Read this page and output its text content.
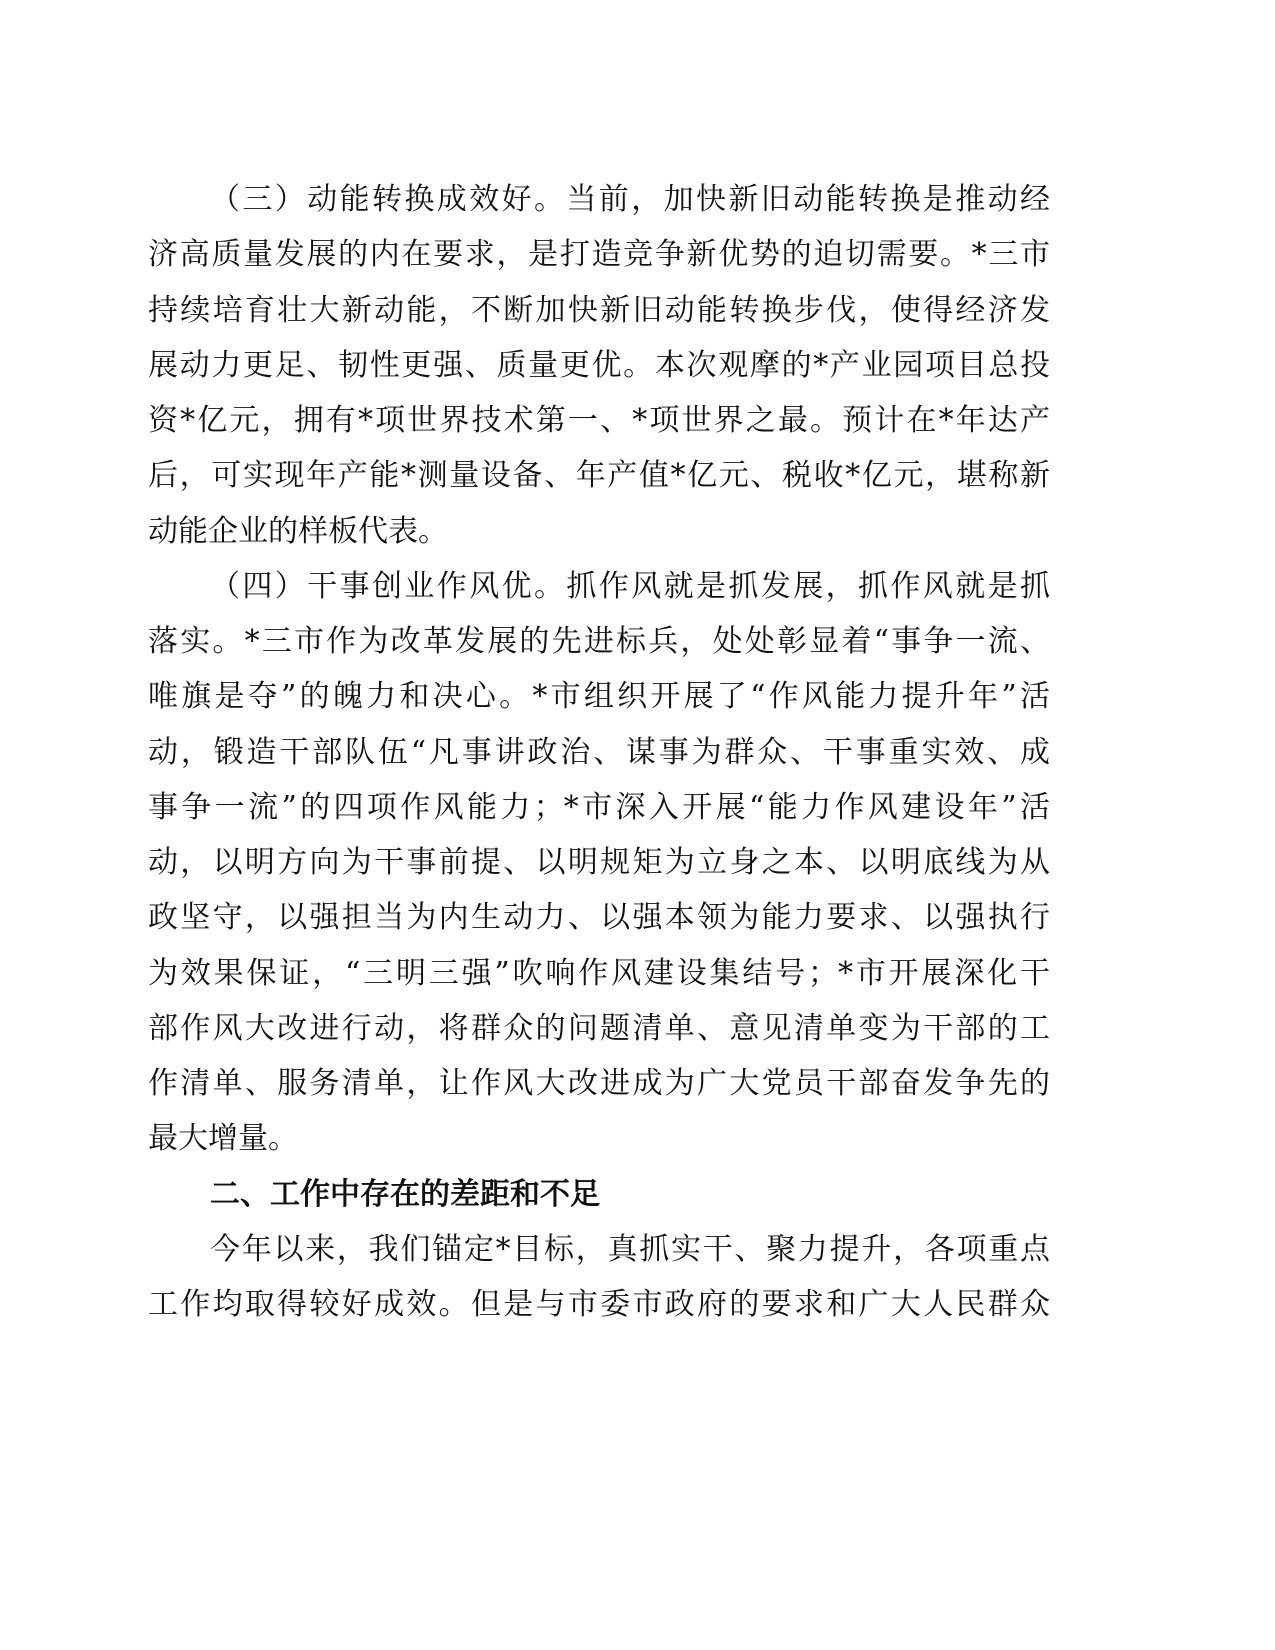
（三）动能转换成效好。当前，加快新旧动能转换是推动经
济高质量发展的内在要求，是打造竞争新优势的迫切需要。*三市
持续培育壮大新动能，不断加快新旧动能转换步伐，使得经济发
展动力更足、韧性更强、质量更优。本次观摩的*产业园项目总投
资*亿元，拥有*项世界技术第一、*项世界之最。预计在*年达产
后，可实现年产能*测量设备、年产值*亿元、税收*亿元，堪称新
动能企业的样板代表。
（四）干事创业作风优。抓作风就是抓发展，抓作风就是抓
落实。*三市作为改革发展的先进标兵，处处彰显着“事争一流、
唯旗是夺”的魄力和决心。*市组织开展了“作风能力提升年”活
动，锻造干部队伍“凡事讲政治、谋事为群众、干事重实效、成
事争一流”的四项作风能力；*市深入开展“能力作风建设年”活
动，以明方向为干事前提、以明规矩为立身之本、以明底线为从
政坚守，以强担当为内生动力、以强本领为能力要求、以强执行
为效果保证，“三明三强”吹响作风建设集结号；*市开展深化干
部作风大改进行动，将群众的问题清单、意见清单变为干部的工
作清单、服务清单，让作风大改进成为广大党员干部奋发争先的
最大增量。
二、工作中存在的差距和不足
今年以来，我们锚定*目标，真抓实干、聚力提升，各项重点
工作均取得较好成效。但是与市委市政府的要求和广大人民群众
